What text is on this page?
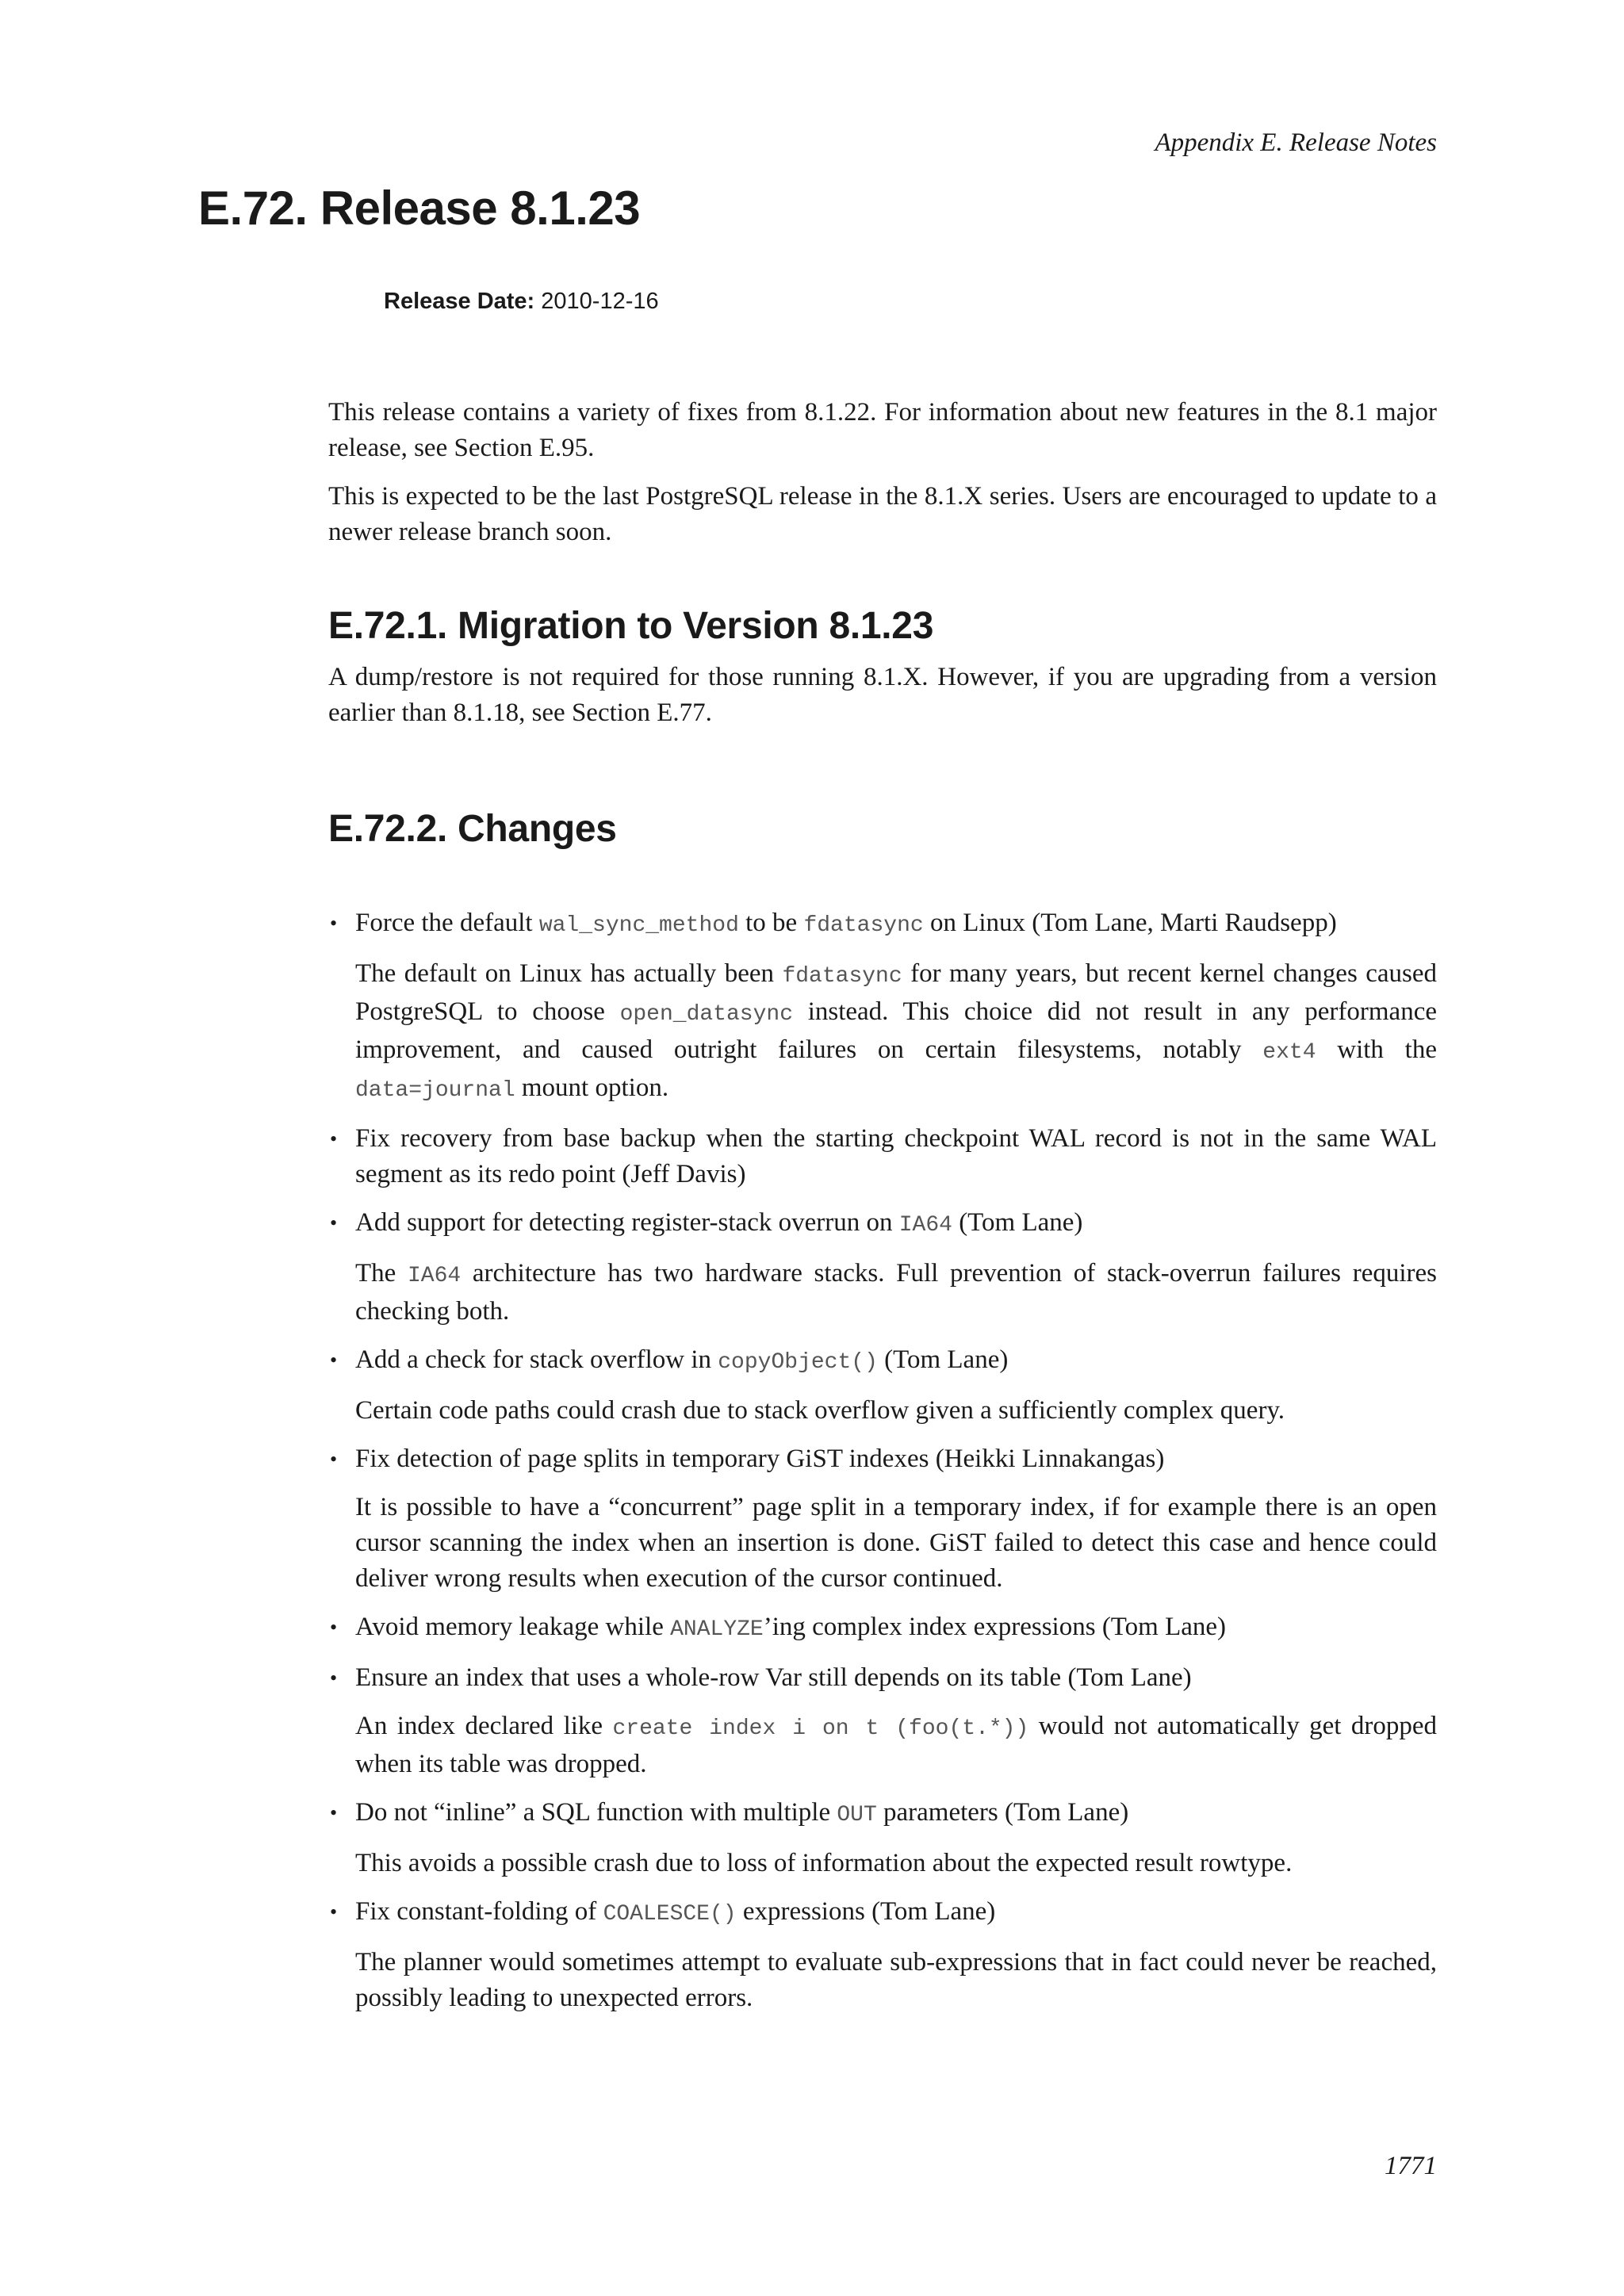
Appendix E. Release Notes
E.72. Release 8.1.23

Release Date: 2010-12-16

This release contains a variety of fixes from 8.1.22. For information about new features in the 8.1 major release, see Section E.95.

This is expected to be the last PostgreSQL release in the 8.1.X series. Users are encouraged to update to a newer release branch soon.

E.72.1. Migration to Version 8.1.23

A dump/restore is not required for those running 8.1.X. However, if you are upgrading from a version earlier than 8.1.18, see Section E.77.

E.72.2. Changes
• Force the default wal_sync_method to be fdatasync on Linux (Tom Lane, Marti Raudsepp)

The default on Linux has actually been fdatasync for many years, but recent kernel changes caused PostgreSQL to choose open_datasync instead. This choice did not result in any performance improvement, and caused outright failures on certain filesystems, notably ext4 with the data=journal mount option.

• Fix recovery from base backup when the starting checkpoint WAL record is not in the same WAL segment as its redo point (Jeff Davis)

• Add support for detecting register-stack overrun on IA64 (Tom Lane)

The IA64 architecture has two hardware stacks. Full prevention of stack-overrun failures requires checking both.

• Add a check for stack overflow in copyObject() (Tom Lane)

Certain code paths could crash due to stack overflow given a sufficiently complex query.

• Fix detection of page splits in temporary GiST indexes (Heikki Linnakangas)

It is possible to have a “concurrent” page split in a temporary index, if for example there is an open cursor scanning the index when an insertion is done. GiST failed to detect this case and hence could deliver wrong results when execution of the cursor continued.

• Avoid memory leakage while ANALYZE’ing complex index expressions (Tom Lane)

• Ensure an index that uses a whole-row Var still depends on its table (Tom Lane)

An index declared like create index i on t (foo(t.*)) would not automatically get dropped when its table was dropped.

• Do not “inline” a SQL function with multiple OUT parameters (Tom Lane)

This avoids a possible crash due to loss of information about the expected result rowtype.

• Fix constant-folding of COALESCE() expressions (Tom Lane)

The planner would sometimes attempt to evaluate sub-expressions that in fact could never be reached, possibly leading to unexpected errors.

1771
